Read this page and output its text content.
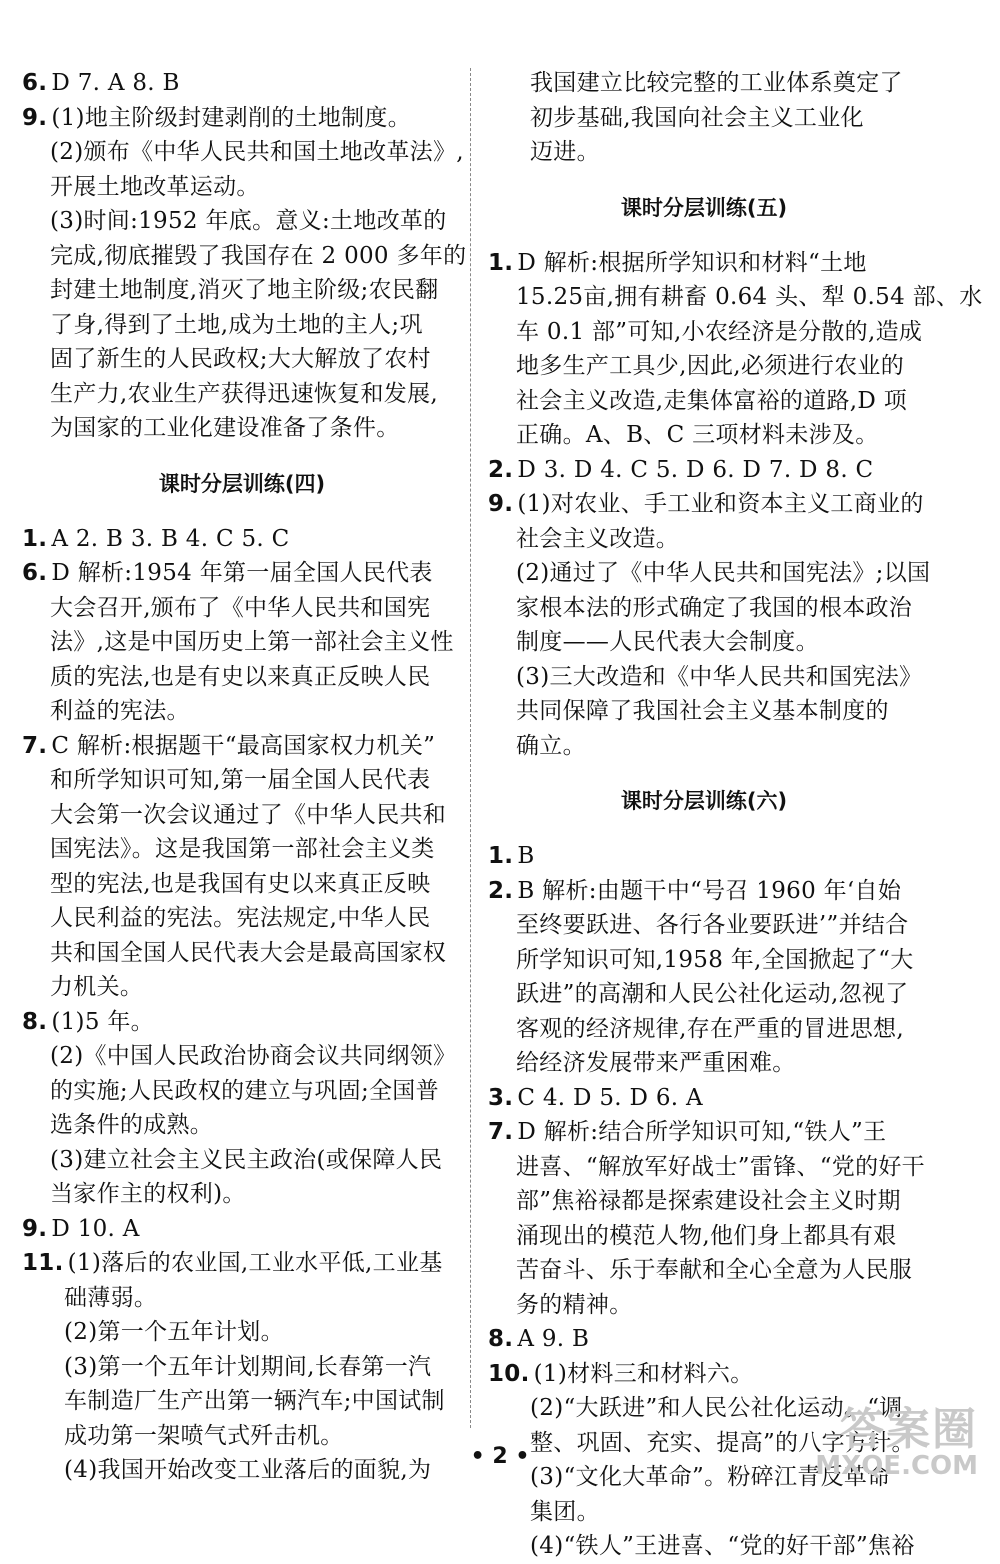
6. D 7. A 8. B
9. (1)地主阶级封建剥削的土地制度。
(2)颁布《中华人民共和国土地改革法》,
开展土地改革运动。
(3)时间:1952 年底。意义:土地改革的
完成,彻底摧毁了我国存在 2 000 多年的
封建土地制度,消灭了地主阶级;农民翻
了身,得到了土地,成为土地的主人;巩
固了新生的人民政权;大大解放了农村
生产力,农业生产获得迅速恢复和发展,
为国家的工业化建设准备了条件。
课时分层训练(四)
1. A 2. B 3. B 4. C 5. C
6. D 解析:1954 年第一届全国人民代表
大会召开,颁布了《中华人民共和国宪
法》,这是中国历史上第一部社会主义性
质的宪法,也是有史以来真正反映人民
利益的宪法。
7. C 解析:根据题干“最高国家权力机关”
和所学知识可知,第一届全国人民代表
大会第一次会议通过了《中华人民共和
国宪法》。这是我国第一部社会主义类
型的宪法,也是我国有史以来真正反映
人民利益的宪法。宪法规定,中华人民
共和国全国人民代表大会是最高国家权
力机关。
8. (1)5 年。
(2)《中国人民政治协商会议共同纲领》
的实施;人民政权的建立与巩固;全国普
选条件的成熟。
(3)建立社会主义民主政治(或保障人民
当家作主的权利)。
9. D 10. A
11. (1)落后的农业国,工业水平低,工业基
础薄弱。
(2)第一个五年计划。
(3)第一个五年计划期间,长春第一汽
车制造厂生产出第一辆汽车;中国试制
成功第一架喷气式歼击机。
(4)我国开始改变工业落后的面貌,为
我国建立比较完整的工业体系奠定了
初步基础,我国向社会主义工业化
迈进。
课时分层训练(五)
1. D 解析:根据所学知识和材料“土地
15.25亩,拥有耕畜 0.64 头、犁 0.54 部、水
车 0.1 部”可知,小农经济是分散的,造成
地多生产工具少,因此,必须进行农业的
社会主义改造,走集体富裕的道路,D 项
正确。A、B、C 三项材料未涉及。
2. D 3. D 4. C 5. D 6. D 7. D 8. C
9. (1)对农业、手工业和资本主义工商业的
社会主义改造。
(2)通过了《中华人民共和国宪法》;以国
家根本法的形式确定了我国的根本政治
制度——人民代表大会制度。
(3)三大改造和《中华人民共和国宪法》
共同保障了我国社会主义基本制度的
确立。
课时分层训练(六)
1. B
2. B 解析:由题干中“号召 1960 年‘自始
至终要跃进、各行各业要跃进’”并结合
所学知识可知,1958 年,全国掀起了“大
跃进”的高潮和人民公社化运动,忽视了
客观的经济规律,存在严重的冒进思想,
给经济发展带来严重困难。
3. C 4. D 5. D 6. A
7. D 解析:结合所学知识可知,“铁人”王
进喜、“解放军好战士”雷锋、“党的好干
部”焦裕禄都是探索建设社会主义时期
涌现出的模范人物,他们身上都具有艰
苦奋斗、乐于奉献和全心全意为人民服
务的精神。
8. A 9. B
10. (1)材料三和材料六。
(2)“大跃进”和人民公社化运动。“调
整、巩固、充实、提高”的八字方针。
(3)“文化大革命”。粉碎江青反革命
集团。
(4)“铁人”王进喜、“党的好干部”焦裕
• 2 •
答案圈
MXQE.COM
